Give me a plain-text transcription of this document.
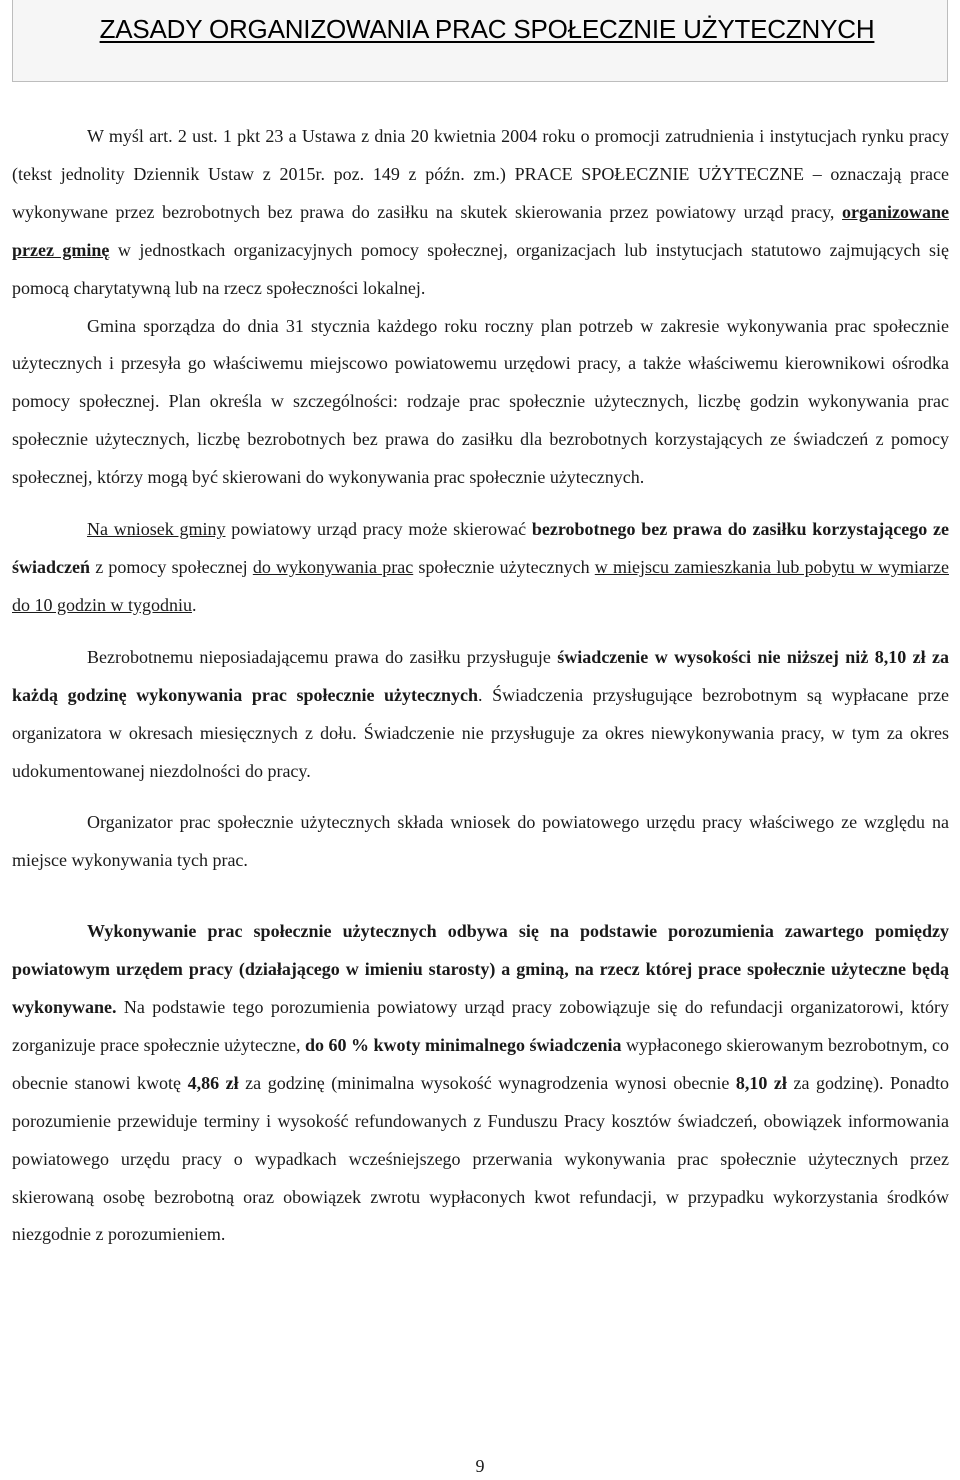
ZASADY ORGANIZOWANIA PRAC SPOŁECZNIE UŻYTECZNYCH

W myśl art. 2 ust. 1 pkt 23 a Ustawa z dnia 20 kwietnia 2004 roku o promocji zatrudnienia i instytucjach rynku pracy (tekst jednolity Dziennik Ustaw z 2015r. poz. 149 z późn. zm.) PRACE SPOŁECZNIE UŻYTECZNE – oznaczają prace wykonywane przez bezrobotnych bez prawa do zasiłku na skutek skierowania przez powiatowy urząd pracy, organizowane przez gminę w jednostkach organizacyjnych pomocy społecznej, organizacjach lub instytucjach statutowo zajmujących się pomocą charytatywną lub na rzecz społeczności lokalnej.

Gmina sporządza do dnia 31 stycznia każdego roku roczny plan potrzeb w zakresie wykonywania prac społecznie użytecznych i przesyła go właściwemu miejscowo powiatowemu urzędowi pracy, a także właściwemu kierownikowi ośrodka pomocy społecznej. Plan określa w szczególności: rodzaje prac społecznie użytecznych, liczbę godzin wykonywania prac społecznie użytecznych, liczbę bezrobotnych bez prawa do zasiłku dla bezrobotnych korzystających ze świadczeń z pomocy społecznej, którzy mogą być skierowani do wykonywania prac społecznie użytecznych.

Na wniosek gminy powiatowy urząd pracy może skierować bezrobotnego bez prawa do zasiłku korzystającego ze świadczeń z pomocy społecznej do wykonywania prac społecznie użytecznych w miejscu zamieszkania lub pobytu w wymiarze do 10 godzin w tygodniu.

Bezrobotnemu nieposiadającemu prawa do zasiłku przysługuje świadczenie w wysokości nie niższej niż 8,10 zł za każdą godzinę wykonywania prac społecznie użytecznych. Świadczenia przysługujące bezrobotnym są wypłacane prze organizatora w okresach miesięcznych z dołu. Świadczenie nie przysługuje za okres niewykonywania pracy, w tym za okres udokumentowanej niezdolności do pracy.

Organizator prac społecznie użytecznych składa wniosek do powiatowego urzędu pracy właściwego ze względu na miejsce wykonywania tych prac.

Wykonywanie prac społecznie użytecznych odbywa się na podstawie porozumienia zawartego pomiędzy powiatowym urzędem pracy (działającego w imieniu starosty) a gminą, na rzecz której prace społecznie użyteczne będą wykonywane. Na podstawie tego porozumienia powiatowy urząd pracy zobowiązuje się do refundacji organizatorowi, który zorganizuje prace społecznie użyteczne, do 60 % kwoty minimalnego świadczenia wypłaconego skierowanym bezrobotnym, co obecnie stanowi kwotę 4,86 zł za godzinę (minimalna wysokość wynagrodzenia wynosi obecnie 8,10 zł za godzinę). Ponadto porozumienie przewiduje terminy i wysokość refundowanych z Funduszu Pracy kosztów świadczeń, obowiązek informowania powiatowego urzędu pracy o wypadkach wcześniejszego przerwania wykonywania prac społecznie użytecznych przez skierowaną osobę bezrobotną oraz obowiązek zwrotu wypłaconych kwot refundacji, w przypadku wykorzystania środków niezgodnie z porozumieniem.

9
